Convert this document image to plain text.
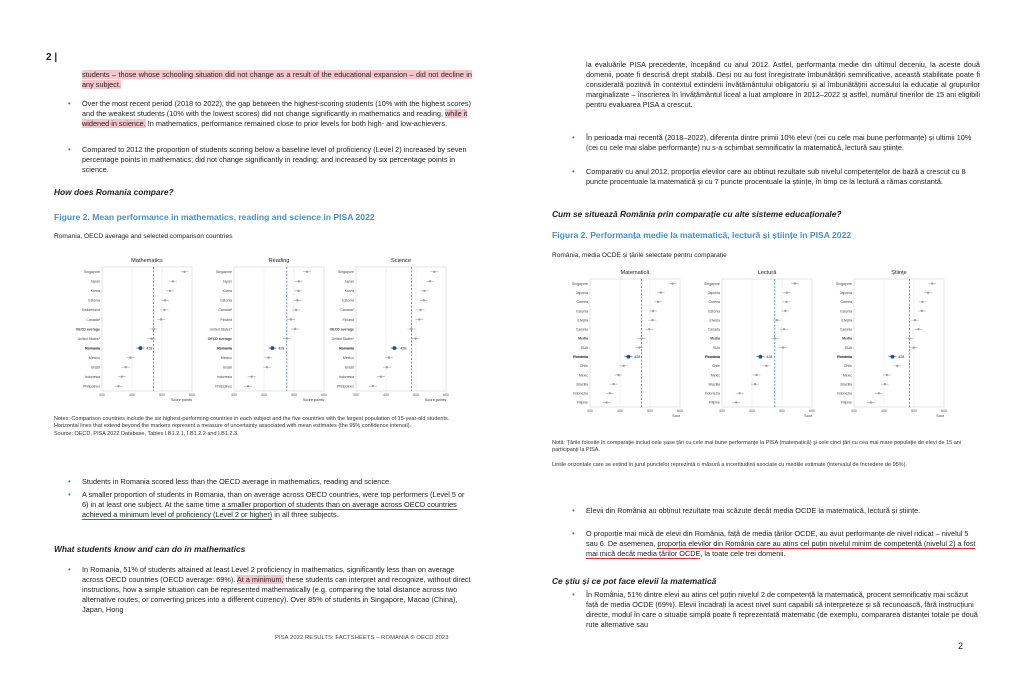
2 |
students – those whose schooling situation did not change as a result of the educational expansion – did not decline in any subject.
• Over the most recent period (2018 to 2022), the gap between the highest-scoring students (10% with the highest scores) and the weakest students (10% with the lowest scores) did not change significantly in mathematics and reading, while it widened in science. In mathematics, performance remained close to prior levels for both high- and low-achievers.
• Compared to 2012 the proportion of students scoring below a baseline level of proficiency (Level 2) increased by seven percentage points in mathematics; did not change significantly in reading; and increased by six percentage points in science.
How does Romania compare?
Figure 2. Mean performance in mathematics, reading and science in PISA 2022
Romania, OECD average and selected comparison countries
Mathematics
300	400	500	600
Score points
Singapore
Japan
Korea
Estonia
Switzerland
Canada*
OECD average
United States*
Romania	428
Mexico
Brazil
Indonesia
Philippines
Reading
300	400	500	600
Score points
Singapore
Japan
Korea
Estonia
Canada*
Finland
United States*
OECD average
Romania	428
Mexico
Brazil
Indonesia
Philippines
Science
300	400	500	600
Score points
Singapore
Japan
Korea
Estonia
Canada*
Finland
OECD average
United States*
Romania	428
Mexico
Brazil
Indonesia
Philippines
Notes: Comparison countries include the six highest-performing countries in each subject and the five countries with the largest population of 15-year-old students.
Horizontal lines that extend beyond the markers represent a measure of uncertainty associated with mean estimates (the 95% confidence interval).
Source: OECD, PISA 2022 Database, Tables I.B1.2.1, I.B1.2.2 and I.B1.2.3.
• Students in Romania scored less than the OECD average in mathematics, reading and science.
• A smaller proportion of students in Romania, than on average across OECD countries, were top performers (Level 5 or 6) in at least one subject. At the same time a smaller proportion of students than on average across OECD countries achieved a minimum level of proficiency (Level 2 or higher) in all three subjects.
What students know and can do in mathematics
• In Romania, 51% of students attained at least Level 2 proficiency in mathematics, significantly less than on average across OECD countries (OECD average: 69%). At a minimum, these students can interpret and recognize, without direct instructions, how a simple situation can be represented mathematically (e.g. comparing the total distance across two alternative routes, or converting prices into a different currency). Over 85% of students in Singapore, Macao (China), Japan, Hong
PISA 2022 RESULTS: FACTSHEETS – ROMANIA © OECD 2023
la evaluările PISA precedente, începând cu anul 2012. Astfel, performanța medie din ultimul deceniu, la aceste două domenii, poate fi descrisă drept stabilă. Deși nu au fost înregistrate îmbunătățiri semnificative, această stabilitate poate fi considerată pozitivă în contextul extinderii învățământului obligatoriu și al îmbunătățirii accesului la educație al grupurilor marginalizate – înscrierea în învățământul liceal a luat amploare în 2012–2022 și astfel, numărul tinerilor de 15 ani eligibili pentru evaluarea PISA a crescut.
• În perioada mai recentă (2018–2022), diferența dintre primii 10% elevi (cei cu cele mai bune performanțe) și ultimii 10% (cei cu cele mai slabe performanțe) nu s-a schimbat semnificativ la matematică, lectură sau științe.
• Comparativ cu anul 2012, proporția elevilor care au obținut rezultate sub nivelul competențelor de bază a crescut cu 8 puncte procentuale la matematică și cu 7 puncte procentuale la științe, în timp ce la lectură a rămas constantă.
Cum se situează România prin comparație cu alte sisteme educaționale?
Figura 2. Performanța medie la matematică, lectură și științe în PISA 2022
România, media OCDE și țările selectate pentru comparație
Matematică
300	400	500	600
Scor
Singapore
Japonia
Coreea
Estonia
Elveția
Canada
Media
SUA
România	428
Chile
Mexic
Brazilia
Indonezia
Filipine
Lectură
300	400	500	600
Scor
Singapore
Japonia
Coreea
Estonia
Elveția
Canada
Media
SUA
România	428
Chile
Mexic
Brazilia
Indonezia
Filipine
Științe
300	400	500	600
Scor
Singapore
Japonia
Coreea
Estonia
Elveția
Canada
Media
SUA
România	428
Chile
Mexic
Brazilia
Indonezia
Filipine
Notă: Țările folosite în comparație includ cele șase țări cu cele mai bune performanțe la PISA (matematică) și cele cinci țări cu cea mai mare populație de elevi de 15 ani participanți la PISA.
Liniile orizontale care se extind în jurul punctelor reprezintă o măsură a incertitudinii asociate cu mediile estimate (intervalul de încredere de 95%).
• Elevii din România au obținut rezultate mai scăzute decât media OCDE la matematică, lectură și științe.
• O proporție mai mică de elevi din România, față de media țărilor OCDE, au avut performanțe de nivel ridicat – nivelul 5 sau 6. De asemenea, proporția elevilor din România care au atins cel puțin nivelul minim de competență (nivelul 2) a fost mai mică decât media țărilor OCDE, la toate cele trei domenii.
Ce știu și ce pot face elevii la matematică
• În România, 51% dintre elevi au atins cel puțin nivelul 2 de competență la matematică, procent semnificativ mai scăzut față de media OCDE (69%). Elevii încadrați la acest nivel sunt capabili să interpreteze și să recunoască, fără instrucțiuni directe, modul în care o situație simplă poate fi reprezentată matematic (de exemplu, compararea distanței totale pe două rute alternative sau
2
